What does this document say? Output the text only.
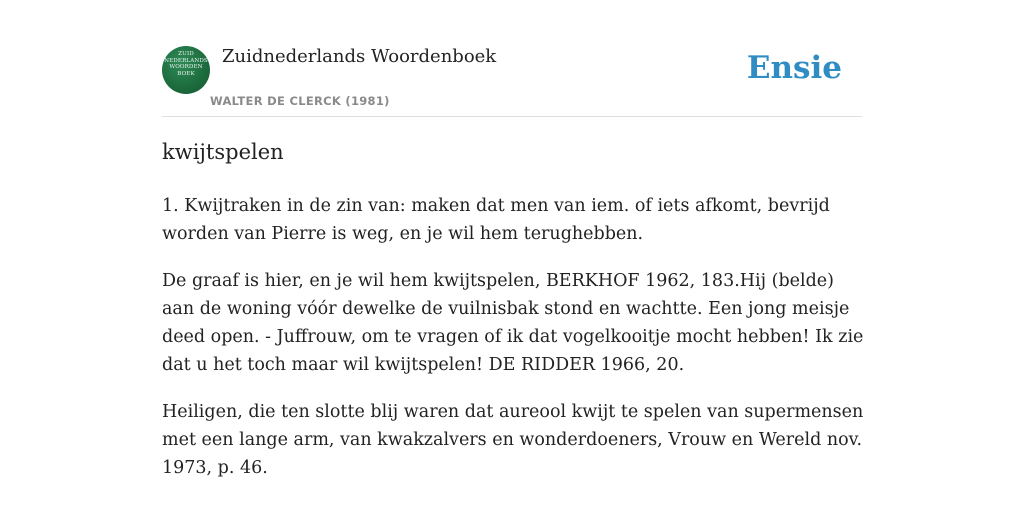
ZUID
NEDERLANDS
WOORDEN
BOEK
Zuidnederlands Woordenboek
WALTER DE CLERCK (1981)
Ensie
kwijtspelen

1. Kwijtraken in de zin van: maken dat men van iem. of iets afkomt, bevrijd worden van Pierre is weg, en je wil hem terughebben.

De graaf is hier, en je wil hem kwijtspelen, BERKHOF 1962, 183.Hij (belde) aan de woning vóór dewelke de vuilnisbak stond en wachtte. Een jong meisje deed open. - Juffrouw, om te vragen of ik dat vogelkooitje mocht hebben! Ik zie dat u het toch maar wil kwijtspelen! DE RIDDER 1966, 20.

Heiligen, die ten slotte blij waren dat aureool kwijt te spelen van supermensen met een lange arm, van kwakzalvers en wonderdoeners, Vrouw en Wereld nov. 1973, p. 46.
